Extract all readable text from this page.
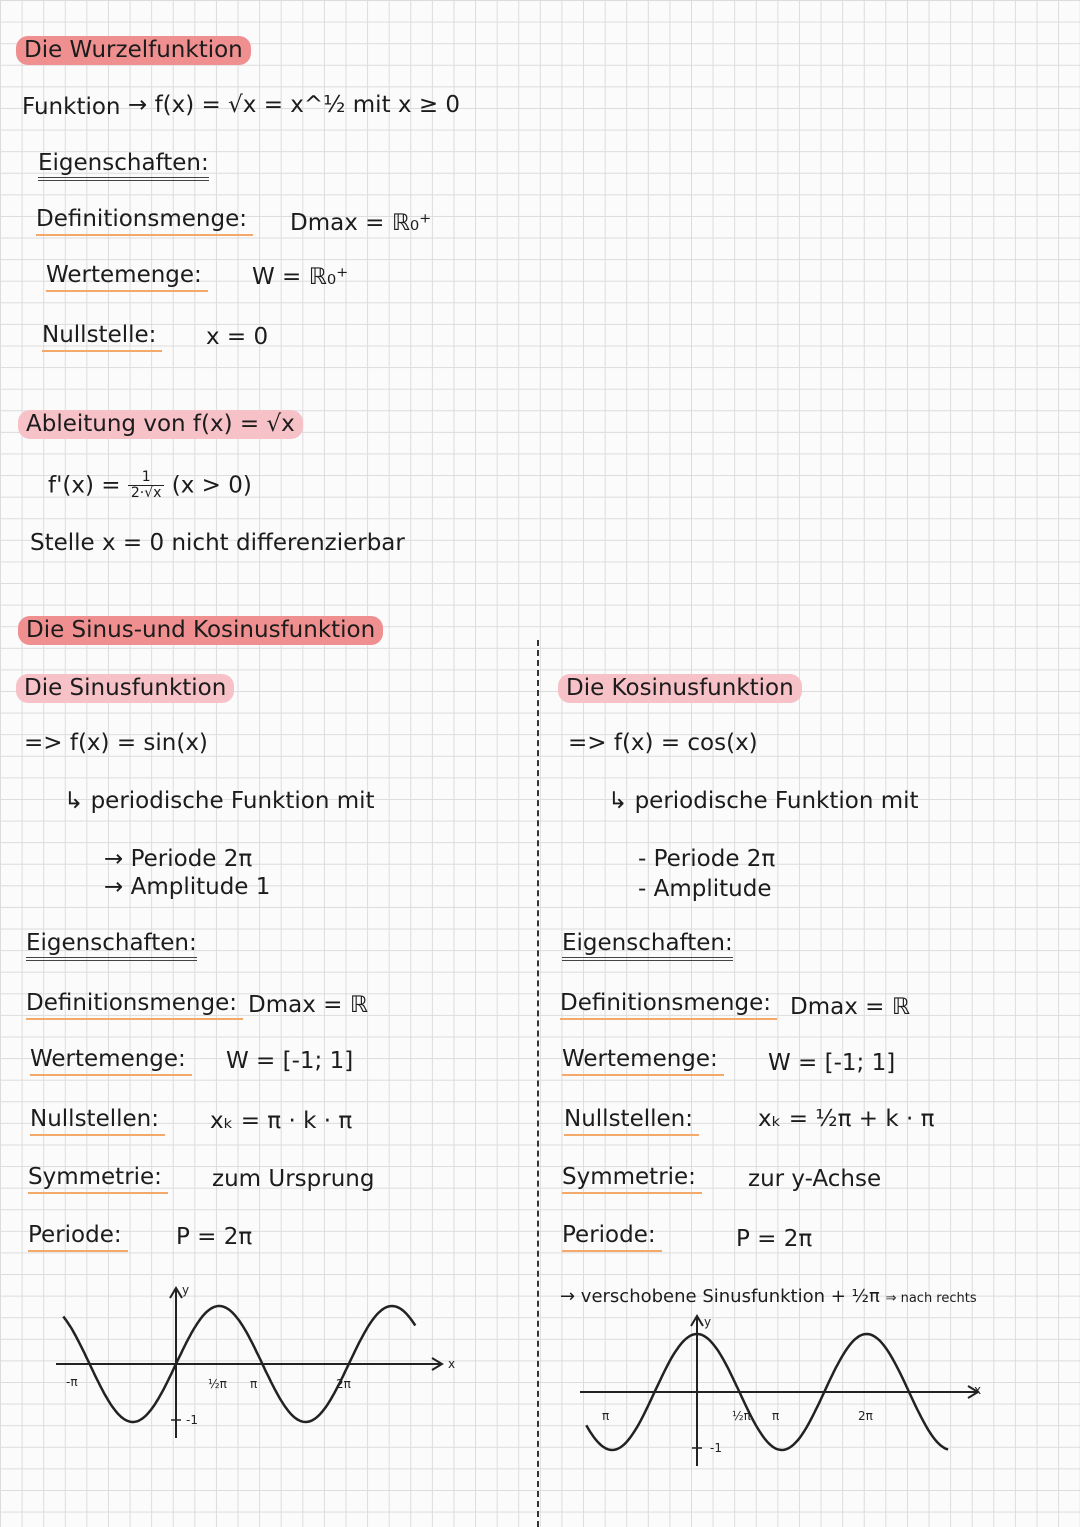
Die Wurzelfunktion
Funktion → f(x) = √x = x^½ mit x ≥ 0
Eigenschaften:
Definitionsmenge: Dmax = ℝ₀⁺
Wertemenge: W = ℝ₀⁺
Nullstelle: x = 0
Ableitung von f(x) = √x
$f'(x) = \frac{1}{2\cdot√x} (x > 0)$
Stelle x = 0 nicht differenzierbar
Die Sinus-und Kosinusfunktion
Die Sinusfunktion
=> f(x) = sin(x)
↳ periodische Funktion mit
→ Periode 2π
→ Amplitude 1
Eigenschaften:
Definitionsmenge: Dmax = ℝ
Wertemenge: W = [-1; 1]
Nullstellen: xₖ = π · k · π
Symmetrie: zum Ursprung
Periode: P = 2π
y
x
-π	½π π	2π
-1
Die Kosinusfunktion
=> f(x) = cos(x)
↳ periodische Funktion mit
- Periode 2π
- Amplitude
Eigenschaften:
Definitionsmenge: Dmax = ℝ
Wertemenge: W = [-1; 1]
Nullstellen:	xₖ = ½π + k · π
Symmetrie: zur y-Achse
Periode:	P = 2π
→ verschobene Sinusfunktion + ½π ⇒ nach rechts
y
x
π	½π π	2π
-1
